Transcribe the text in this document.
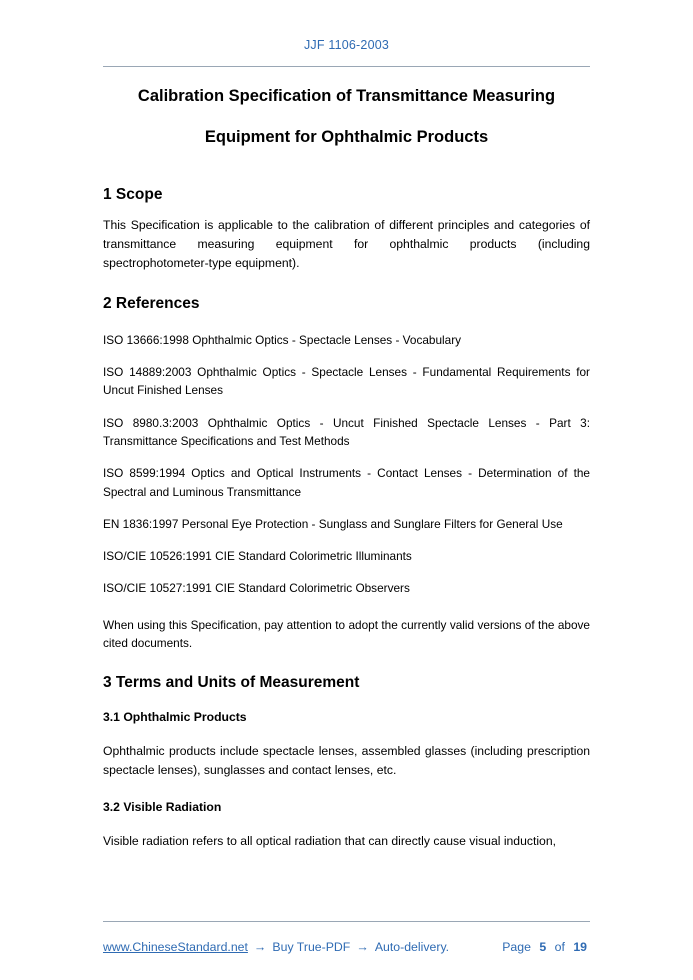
JJF 1106-2003
Calibration Specification of Transmittance Measuring
Equipment for Ophthalmic Products
1 Scope

This Specification is applicable to the calibration of different principles and categories of transmittance measuring equipment for ophthalmic products (including spectrophotometer-type equipment).

2 References

ISO 13666:1998 Ophthalmic Optics - Spectacle Lenses - Vocabulary

ISO 14889:2003 Ophthalmic Optics - Spectacle Lenses - Fundamental Requirements for Uncut Finished Lenses

ISO 8980.3:2003 Ophthalmic Optics - Uncut Finished Spectacle Lenses - Part 3: Transmittance Specifications and Test Methods

ISO 8599:1994 Optics and Optical Instruments - Contact Lenses - Determination of the Spectral and Luminous Transmittance

EN 1836:1997 Personal Eye Protection - Sunglass and Sunglare Filters for General Use

ISO/CIE 10526:1991 CIE Standard Colorimetric Illuminants

ISO/CIE 10527:1991 CIE Standard Colorimetric Observers

When using this Specification, pay attention to adopt the currently valid versions of the above cited documents.

3 Terms and Units of Measurement
3.1 Ophthalmic Products

Ophthalmic products include spectacle lenses, assembled glasses (including prescription spectacle lenses), sunglasses and contact lenses, etc.

3.2 Visible Radiation

Visible radiation refers to all optical radiation that can directly cause visual induction,

www.ChineseStandard.net → Buy True-PDF → Auto-delivery.	Page 5 of 19
